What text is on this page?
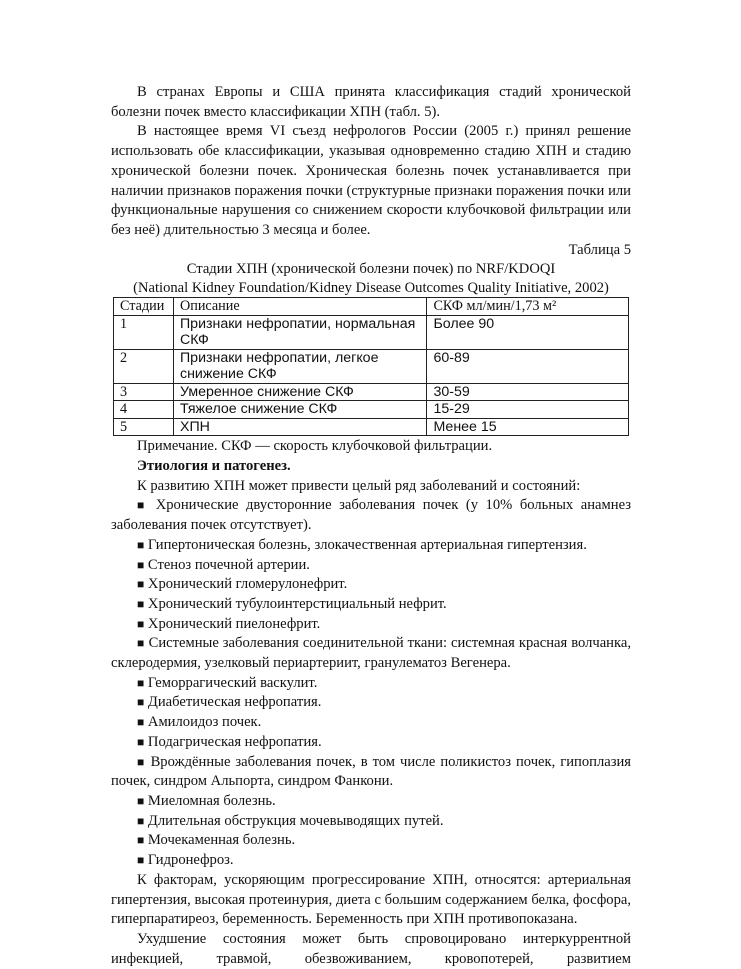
В странах Европы и США принята классификация стадий хронической болезни почек вместо классификации ХПН (табл. 5).

В настоящее время VI съезд нефрологов России (2005 г.) принял решение использовать обе классификации, указывая одновременно стадию ХПН и стадию хронической болезни почек. Хроническая болезнь почек устанавливается при наличии признаков поражения почки (структурные признаки поражения почки или функциональные нарушения со снижением скорости клубочковой фильтрации или без неё) длительностью 3 месяца и более.

Таблица 5

Стадии ХПН (хронической болезни почек) по NRF/KDOQI

(National Kidney Foundation/Kidney Disease Outcomes Quality Initiative, 2002)

Стадии	Описание	СКФ мл/мин/1,73 м²
1	Признаки нефропатии, нормальная СКФ	Более 90
2	Признаки нефропатии, легкое снижение СКФ	60-89
3	Умеренное снижение СКФ	30-59
4	Тяжелое снижение СКФ	15-29
5	ХПН	Менее 15

Примечание. СКФ — скорость клубочковой фильтрации.

Этиология и патогенез.

К развитию ХПН может привести целый ряд заболеваний и состояний:

■ Хронические двусторонние заболевания почек (у 10% больных анамнез заболевания почек отсутствует).

■ Гипертоническая болезнь, злокачественная артериальная гипертензия.

■ Стеноз почечной артерии.

■ Хронический гломерулонефрит.

■ Хронический тубулоинтерстициальный нефрит.

■ Хронический пиелонефрит.

■ Системные заболевания соединительной ткани: системная красная волчанка, склеродермия, узелковый периартериит, гранулематоз Вегенера.

■ Геморрагический васкулит.

■ Диабетическая нефропатия.

■ Амилоидоз почек.

■ Подагрическая нефропатия.

■ Врождённые заболевания почек, в том числе поликистоз почек, гипоплазия почек, синдром Альпорта, синдром Фанкони.

■ Миеломная болезнь.

■ Длительная обструкция мочевыводящих путей.

■ Мочекаменная болезнь.

■ Гидронефроз.

К факторам, ускоряющим прогрессирование ХПН, относятся: артериальная гипертензия, высокая протеинурия, диета с большим содержанием белка, фосфора, гиперпаратиреоз, беременность. Беременность при ХПН противопоказана.

Ухудшение состояния может быть спровоцировано интеркуррентной инфекцией, травмой, обезвоживанием, кровопотерей, развитием
